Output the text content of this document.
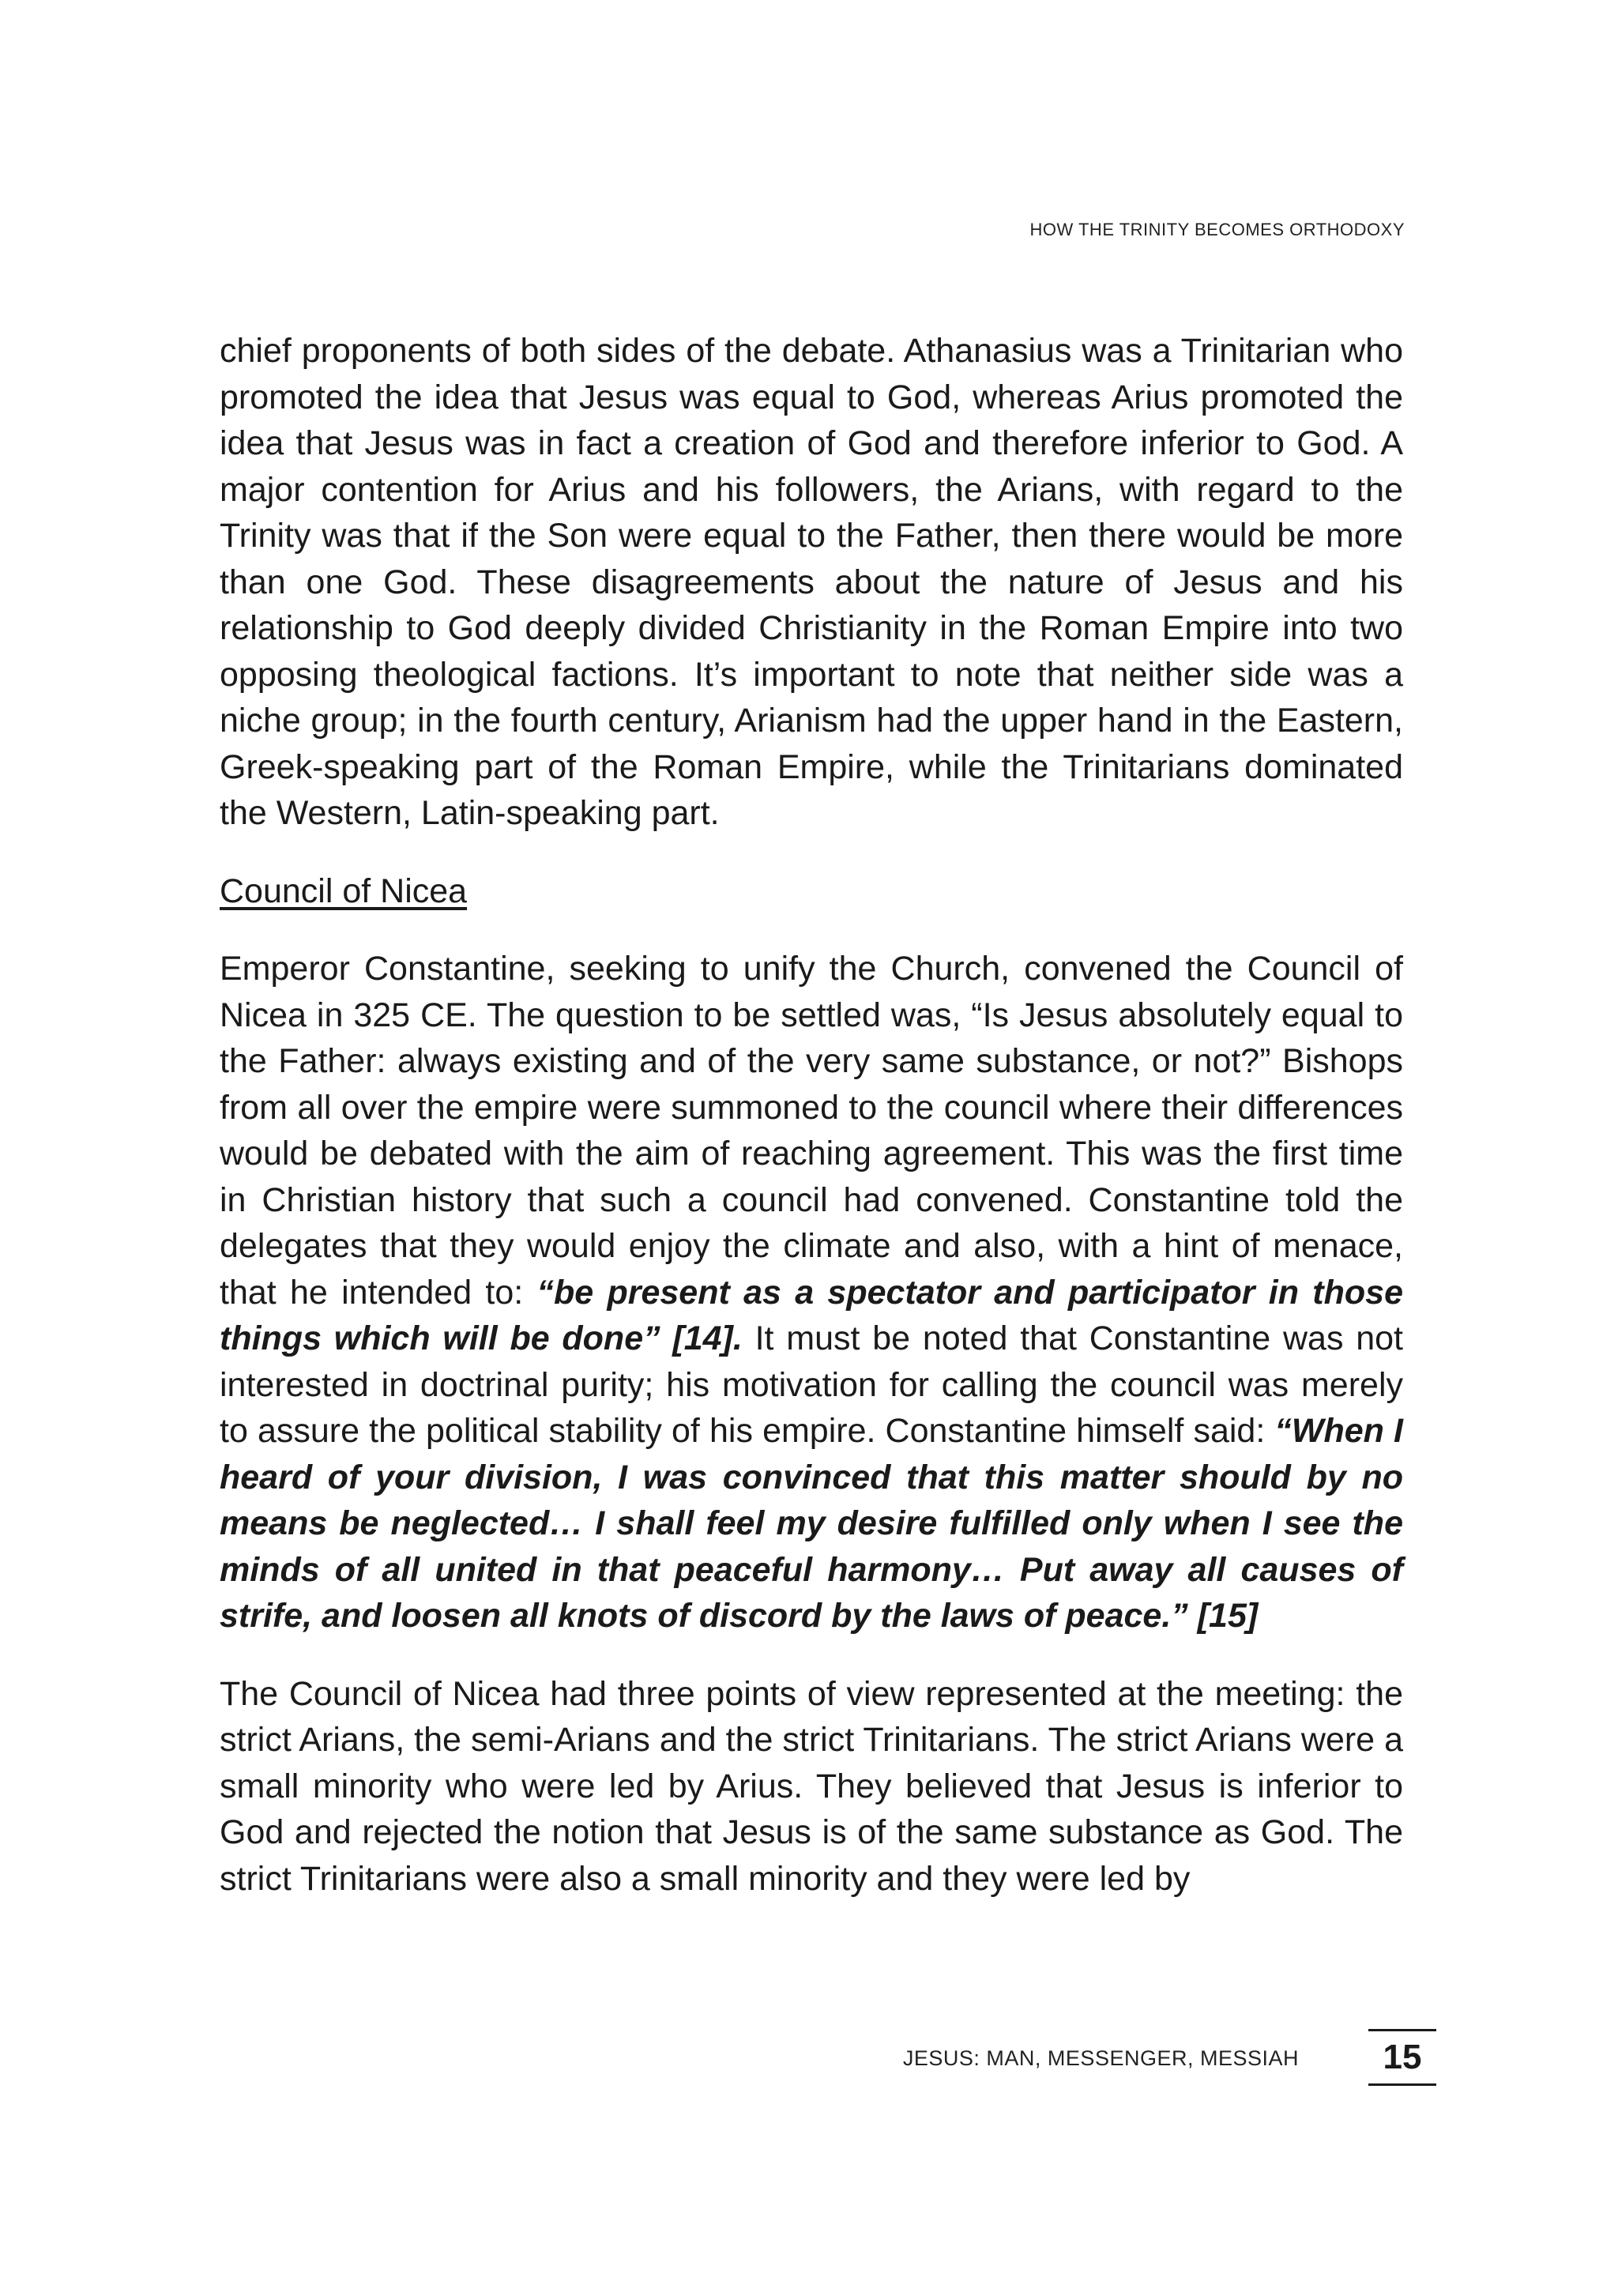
HOW THE TRINITY BECOMES ORTHODOXY

chief proponents of both sides of the debate. Athanasius was a Trinitarian who promoted the idea that Jesus was equal to God, whereas Arius promoted the idea that Jesus was in fact a creation of God and therefore inferior to God. A major contention for Arius and his followers, the Arians, with regard to the Trinity was that if the Son were equal to the Father, then there would be more than one God. These disagreements about the nature of Jesus and his relationship to God deeply divided Christianity in the Roman Empire into two opposing theological factions. It’s important to note that neither side was a niche group; in the fourth century, Arianism had the upper hand in the Eastern, Greek-speaking part of the Roman Empire, while the Trinitarians dominated the Western, Latin-speaking part.

Council of Nicea

Emperor Constantine, seeking to unify the Church, convened the Council of Nicea in 325 CE. The question to be settled was, “Is Jesus absolutely equal to the Father: always existing and of the very same substance, or not?” Bishops from all over the empire were summoned to the council where their differences would be debated with the aim of reaching agreement. This was the first time in Christian history that such a council had convened. Constantine told the delegates that they would enjoy the climate and also, with a hint of menace, that he intended to: “be present as a spectator and participator in those things which will be done” [14]. It must be noted that Constantine was not interested in doctrinal purity; his motivation for calling the council was merely to assure the political stability of his empire. Constantine himself said: “When I heard of your division, I was convinced that this matter should by no means be neglected… I shall feel my desire fulfilled only when I see the minds of all united in that peaceful harmony… Put away all causes of strife, and loosen all knots of discord by the laws of peace.” [15]

The Council of Nicea had three points of view represented at the meeting: the strict Arians, the semi-Arians and the strict Trinitarians. The strict Arians were a small minority who were led by Arius. They believed that Jesus is inferior to God and rejected the notion that Jesus is of the same substance as God. The strict Trinitarians were also a small minority and they were led by

JESUS: MAN, MESSENGER, MESSIAH	15
